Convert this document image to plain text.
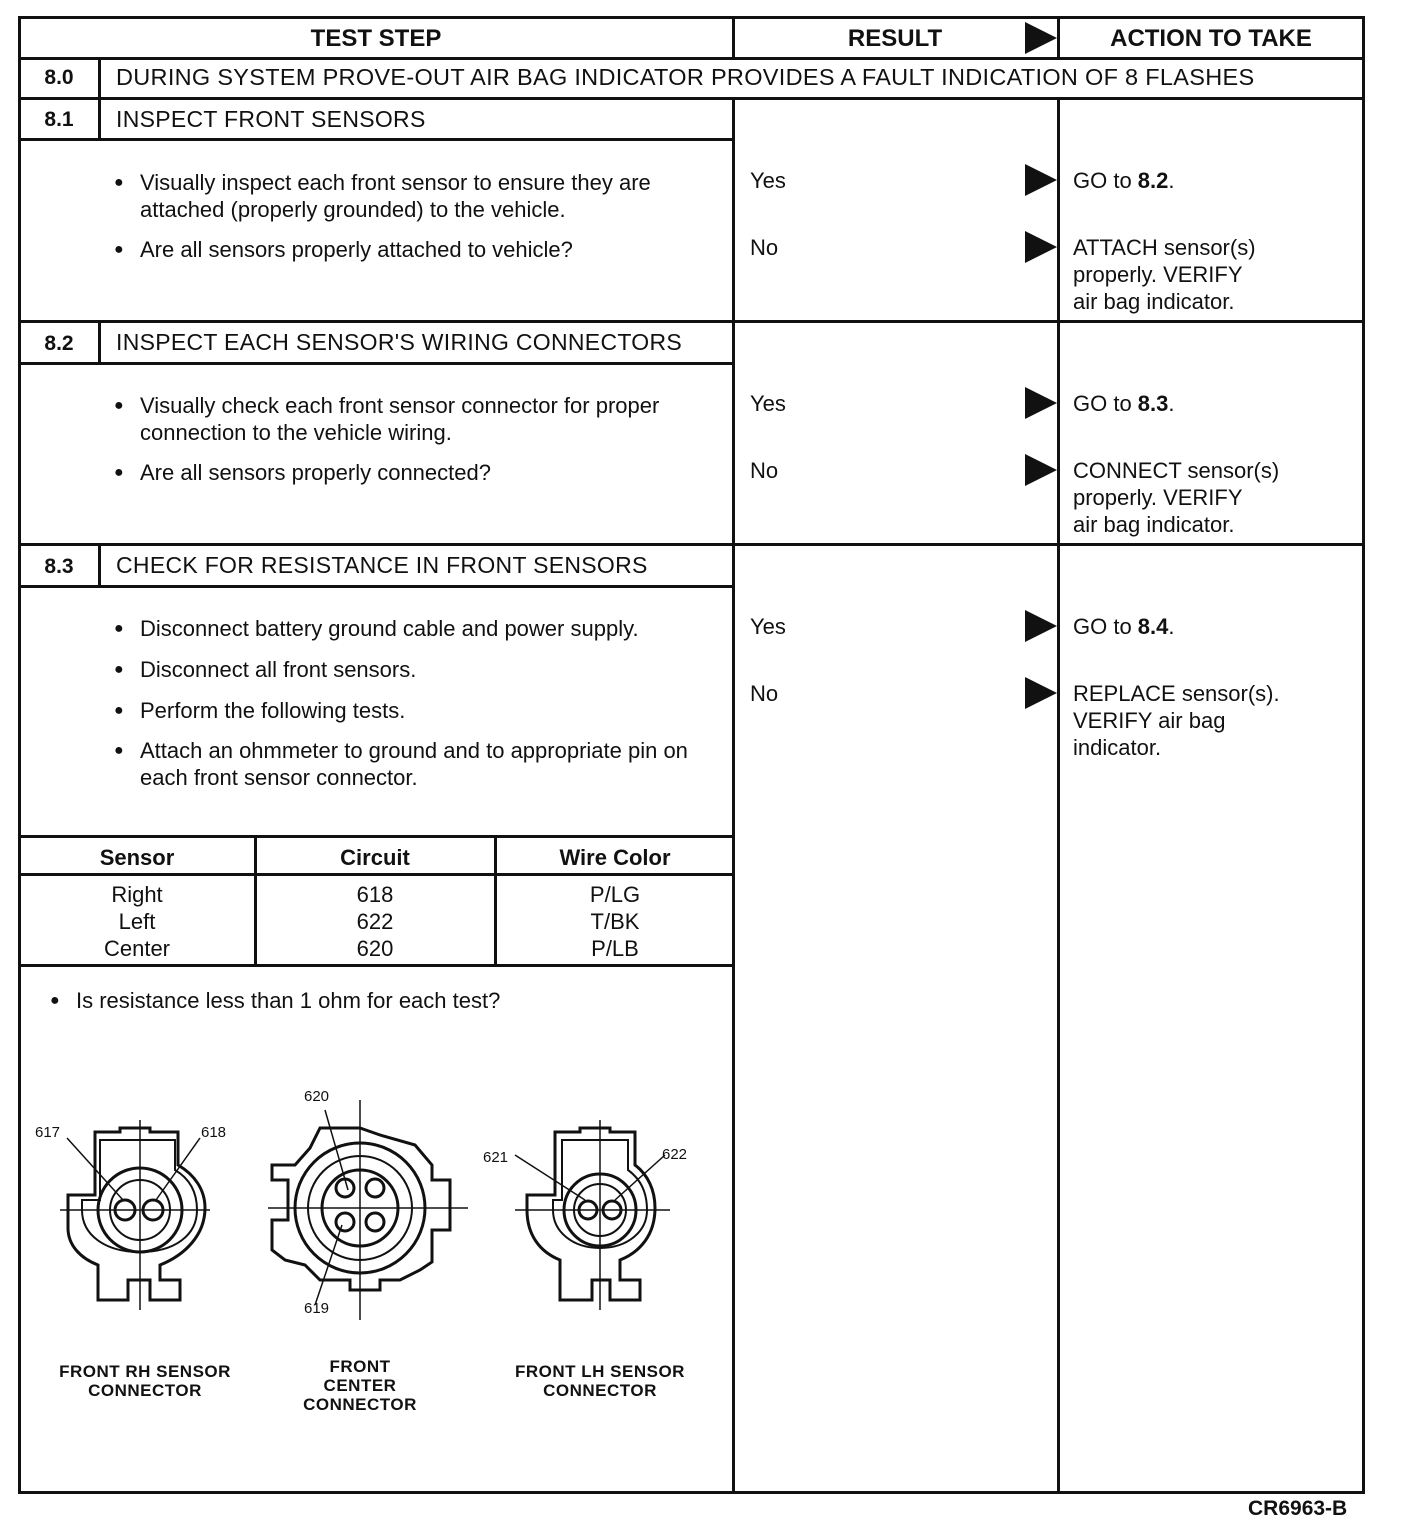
TEST STEP	RESULT	ACTION TO TAKE
8.0	DURING SYSTEM PROVE-OUT AIR BAG INDICATOR PROVIDES A FAULT INDICATION OF 8 FLASHES
8.1	INSPECT FRONT SENSORS
● Visually inspect each front sensor to ensure they are attached (properly grounded) to the vehicle.
● Are all sensors properly attached to vehicle?
Yes	GO to 8.2.
No	ATTACH sensor(s)
properly. VERIFY
air bag indicator.
8.2	INSPECT EACH SENSOR'S WIRING CONNECTORS
● Visually check each front sensor connector for proper connection to the vehicle wiring.
● Are all sensors properly connected?
Yes	GO to 8.3.
No	CONNECT sensor(s)
properly. VERIFY
air bag indicator.
8.3	CHECK FOR RESISTANCE IN FRONT SENSORS
● Disconnect battery ground cable and power supply.
● Disconnect all front sensors.
● Perform the following tests.
● Attach an ohmmeter to ground and to appropriate pin on each front sensor connector.
Yes	GO to 8.4.
No	REPLACE sensor(s).
VERIFY air bag
indicator.
Sensor	Circuit	Wire Color
Right	618	P/LG
Left	622	T/BK
Center	620	P/LB
● Is resistance less than 1 ohm for each test?
617	618
620
619
621	622
FRONT RH SENSOR
CONNECTOR
FRONT
CENTER
CONNECTOR
FRONT LH SENSOR
CONNECTOR
CR6963-B
